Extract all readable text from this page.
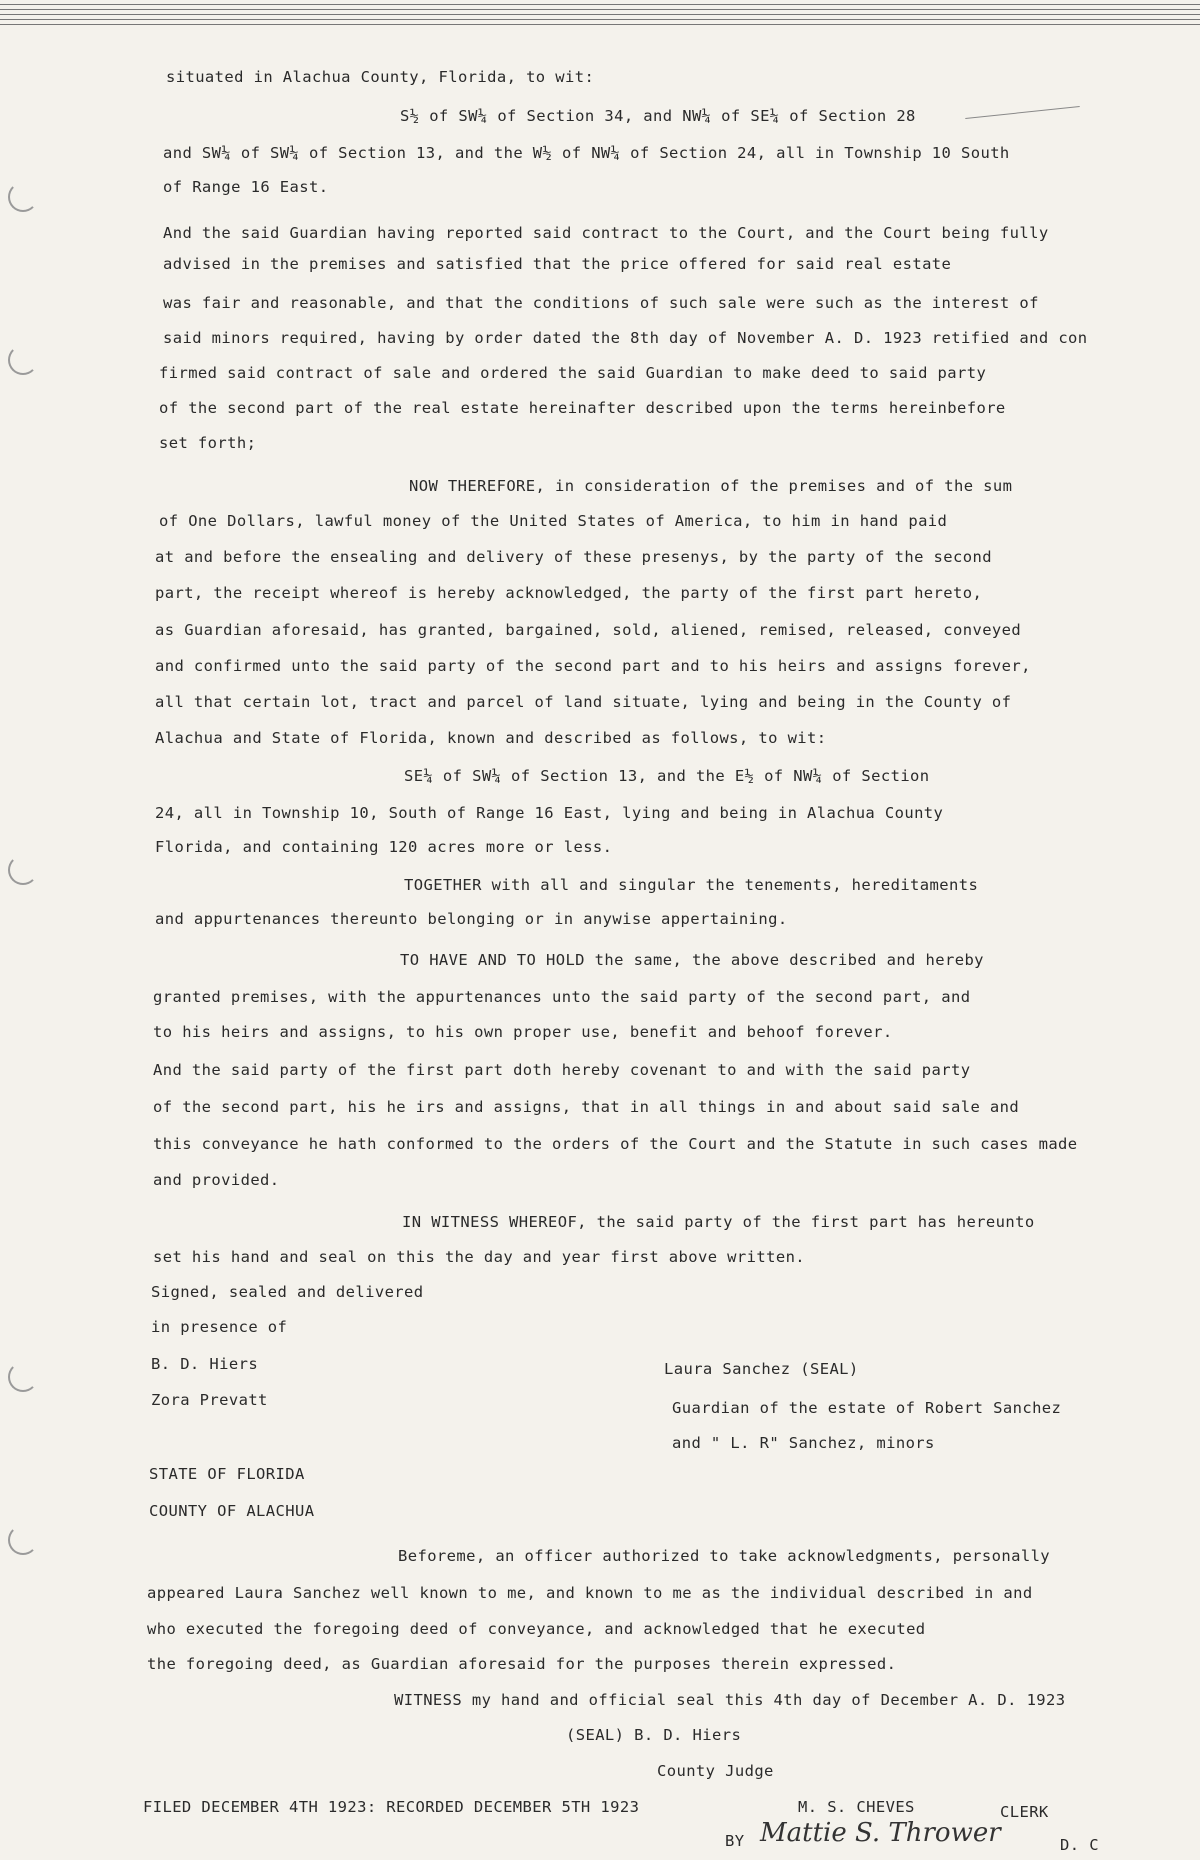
situated in Alachua County, Florida, to wit:
S½ of SW¼ of Section 34, and NW¼ of SE¼ of Section 28
and SW¼ of SW¼ of Section 13, and the W½ of NW¼ of Section 24, all in Township 10 South
of Range 16 East.
And the said Guardian having reported said contract to the Court, and the Court being fully
advised in the premises and satisfied that the price offered for said real estate
was fair and reasonable, and that the conditions of such sale were such as the interest of
said minors required, having by order dated the 8th day of November A. D. 1923 retified and con
firmed said contract of sale and ordered the said Guardian to make deed to said party
of the second part of the real estate hereinafter described upon the terms hereinbefore
set forth;
NOW THEREFORE, in consideration of the premises and of the sum
of One Dollars, lawful money of the United States of America, to him in hand paid
at and before the ensealing and delivery of these presenys, by the party of the second
part, the receipt whereof is hereby acknowledged, the party of the first part hereto,
as Guardian aforesaid, has granted, bargained, sold, aliened, remised, released, conveyed
and confirmed unto the said party of the second part and to his heirs and assigns forever,
all that certain lot, tract and parcel of land situate, lying and being in the County of
Alachua and State of Florida, known and described as follows, to wit:
SE¼ of SW¼ of Section 13, and the E½ of NW¼ of Section
24, all in Township 10, South of Range 16 East, lying and being in Alachua County
Florida, and containing 120 acres more or less.
TOGETHER with all and singular the tenements, hereditaments
and appurtenances thereunto belonging or in anywise appertaining.
TO HAVE AND TO HOLD the same, the above described and hereby
granted premises, with the appurtenances unto the said party of the second part, and
to his heirs and assigns, to his own proper use, benefit and behoof forever.
And the said party of the first part doth hereby covenant to and with the said party
of the second part, his he irs and assigns, that in all things in and about said sale and
this conveyance he hath conformed to the orders of the Court and the Statute in such cases made
and provided.
IN WITNESS WHEREOF, the said party of the first part has hereunto
set his hand and seal on this the day and year first above written.
Signed, sealed and delivered
in presence of
B. D. Hiers
Zora Prevatt
Laura Sanchez (SEAL)
Guardian of the estate of Robert Sanchez
and " L. R" Sanchez, minors
STATE OF FLORIDA
COUNTY OF ALACHUA
Beforeme, an officer authorized to take acknowledgments, personally
appeared Laura Sanchez well known to me, and known to me as the individual described in and
who executed the foregoing deed of conveyance, and acknowledged that he executed
the foregoing deed, as Guardian aforesaid for the purposes therein expressed.
WITNESS my hand and official seal this 4th day of December A. D. 1923
(SEAL) B. D. Hiers
County Judge
FILED DECEMBER 4TH 1923: RECORDED DECEMBER 5TH 1923	M. S. CHEVES	CLERK
BY	D. C
Mattie S. Thrower
